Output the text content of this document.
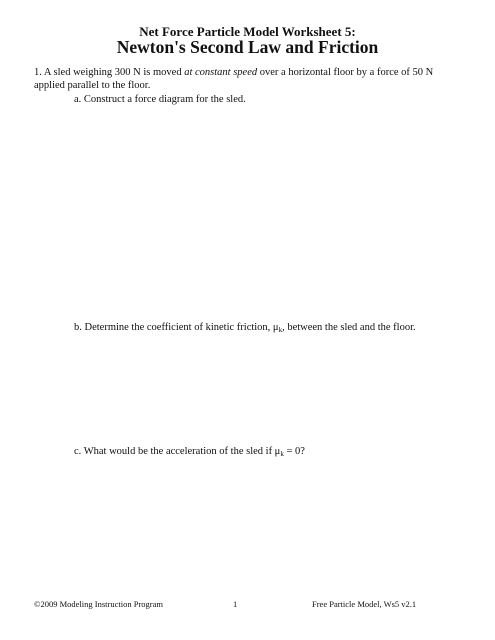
Net Force Particle Model Worksheet 5:
Newton's Second Law and Friction
1. A sled weighing 300 N is moved at constant speed over a horizontal floor by a force of 50 N applied parallel to the floor.
a. Construct a force diagram for the sled.
b. Determine the coefficient of kinetic friction, $\mu_k$, between the sled and the floor.
c. What would be the acceleration of the sled if $\mu_k = 0$?
©2009 Modeling Instruction Program	1	Free Particle Model, Ws5 v2.1
